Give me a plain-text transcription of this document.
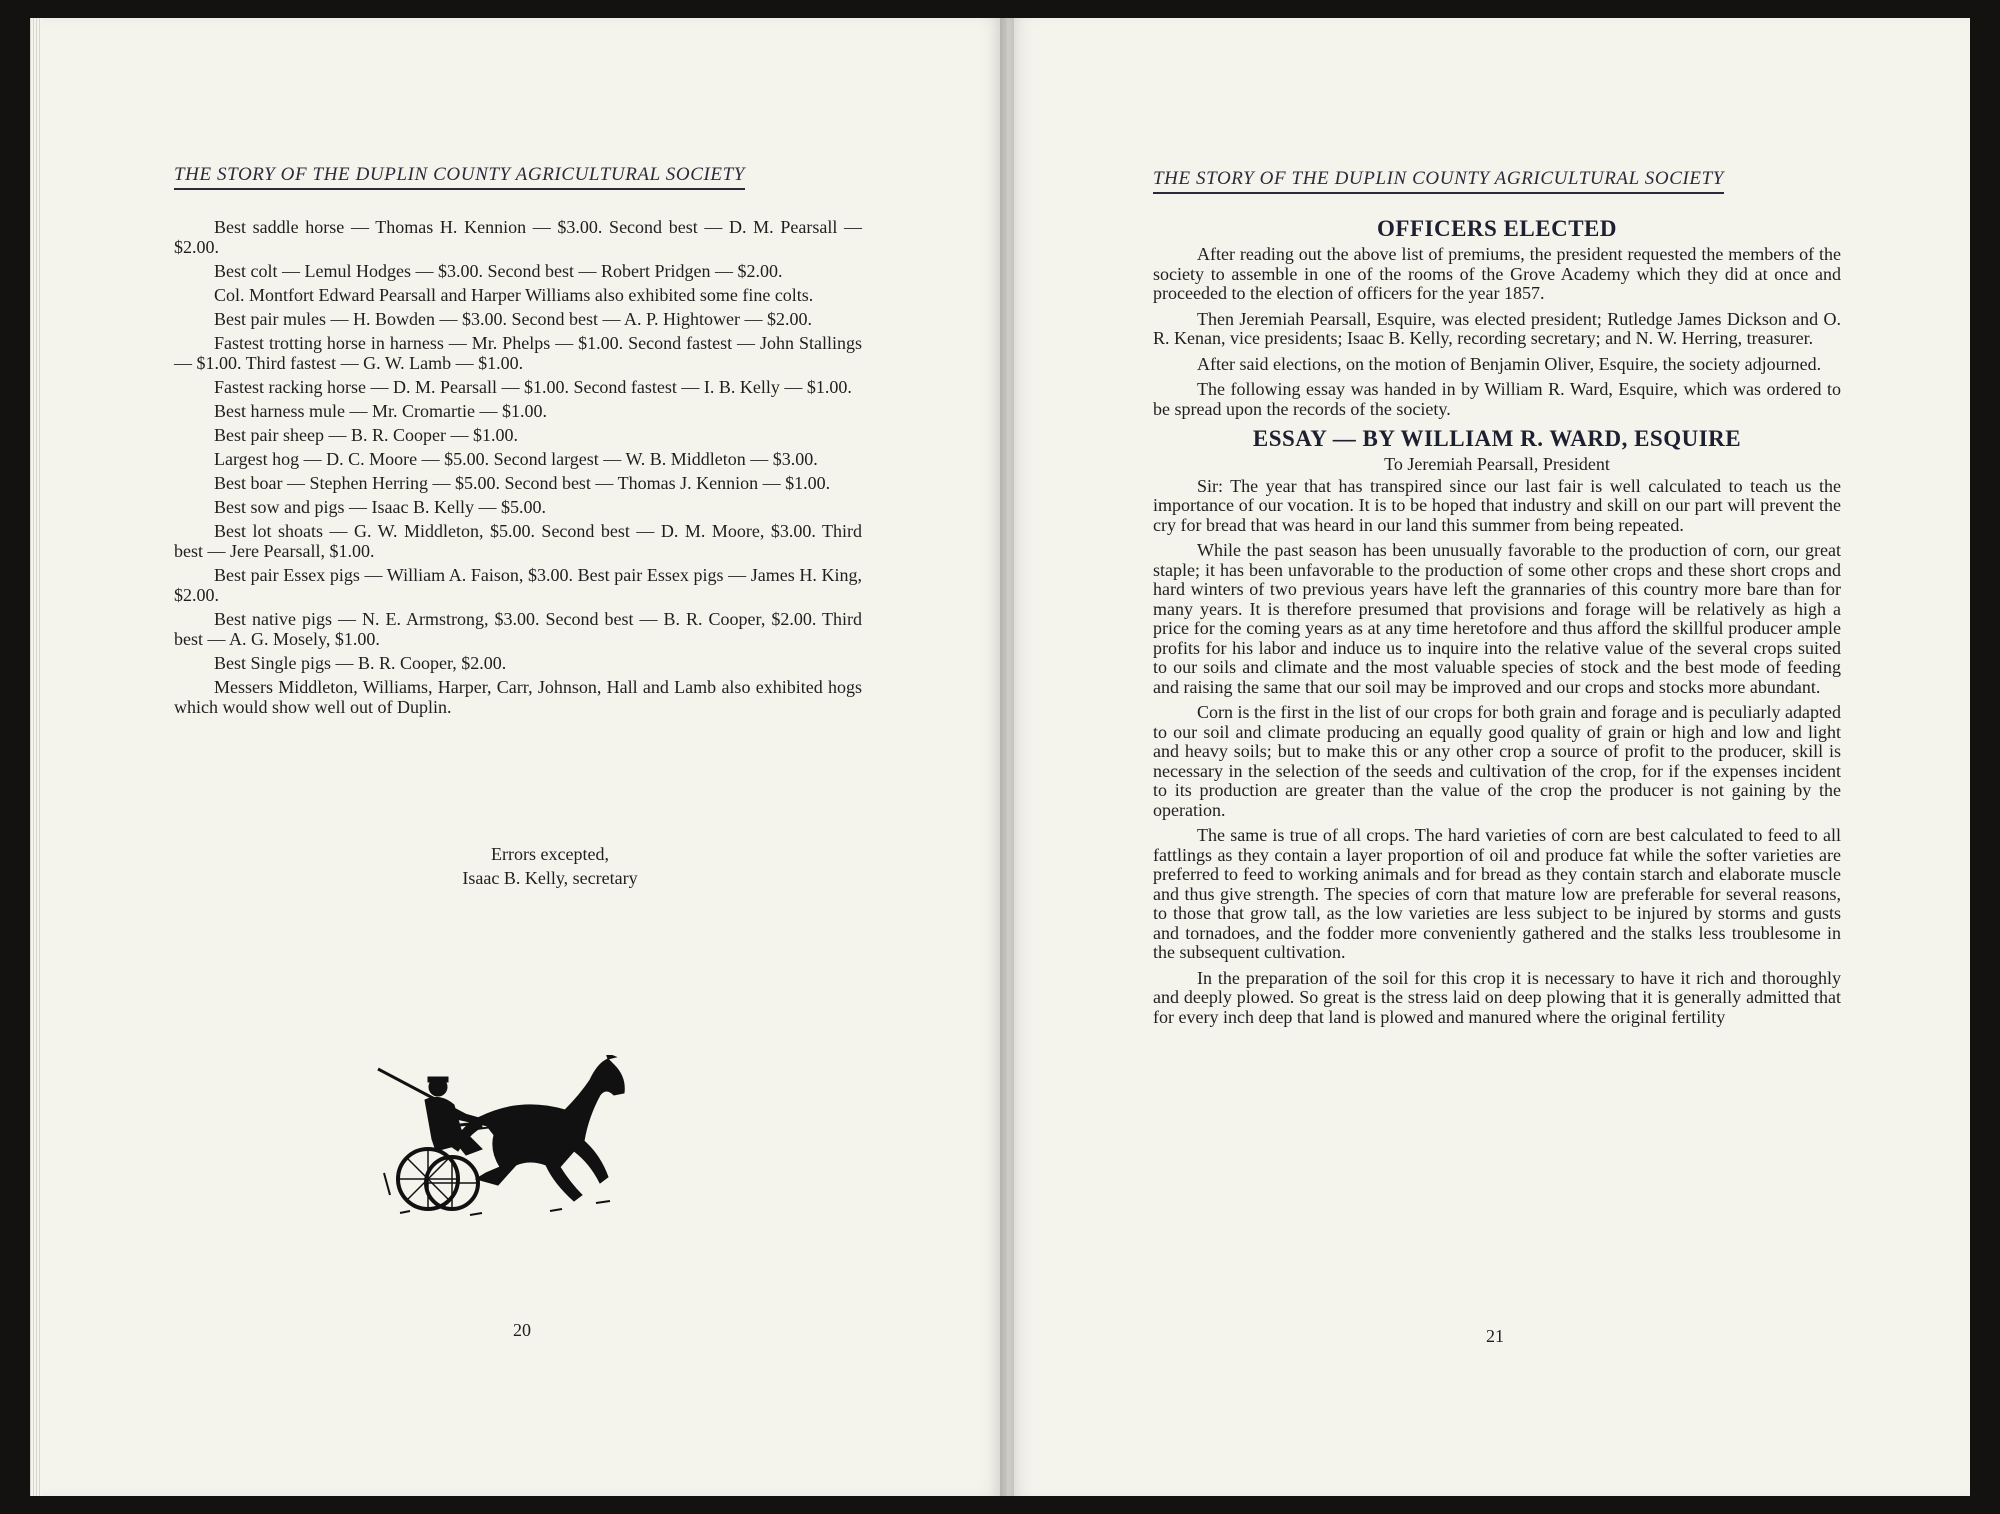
THE STORY OF THE DUPLIN COUNTY AGRICULTURAL SOCIETY

Best saddle horse — Thomas H. Kennion — $3.00. Second best — D. M. Pearsall — $2.00.

Best colt — Lemul Hodges — $3.00. Second best — Robert Pridgen — $2.00.

Col. Montfort Edward Pearsall and Harper Williams also exhibited some fine colts.

Best pair mules — H. Bowden — $3.00. Second best — A. P. Hightower — $2.00.

Fastest trotting horse in harness — Mr. Phelps — $1.00. Second fastest — John Stallings — $1.00. Third fastest — G. W. Lamb — $1.00.

Fastest racking horse — D. M. Pearsall — $1.00. Second fastest — I. B. Kelly — $1.00.

Best harness mule — Mr. Cromartie — $1.00.

Best pair sheep — B. R. Cooper — $1.00.

Largest hog — D. C. Moore — $5.00. Second largest — W. B. Middleton — $3.00.

Best boar — Stephen Herring — $5.00. Second best — Thomas J. Kennion — $1.00.

Best sow and pigs — Isaac B. Kelly — $5.00.

Best lot shoats — G. W. Middleton, $5.00. Second best — D. M. Moore, $3.00. Third best — Jere Pearsall, $1.00.

Best pair Essex pigs — William A. Faison, $3.00. Best pair Essex pigs — James H. King, $2.00.

Best native pigs — N. E. Armstrong, $3.00. Second best — B. R. Cooper, $2.00. Third best — A. G. Mosely, $1.00.

Best Single pigs — B. R. Cooper, $2.00.

Messers Middleton, Williams, Harper, Carr, Johnson, Hall and Lamb also exhibited hogs which would show well out of Duplin.

Errors excepted,
Isaac B. Kelly, secretary
20
THE STORY OF THE DUPLIN COUNTY AGRICULTURAL SOCIETY
OFFICERS ELECTED

After reading out the above list of premiums, the president requested the members of the society to assemble in one of the rooms of the Grove Academy which they did at once and proceeded to the election of officers for the year 1857.

Then Jeremiah Pearsall, Esquire, was elected president; Rutledge James Dickson and O. R. Kenan, vice presidents; Isaac B. Kelly, recording secretary; and N. W. Herring, treasurer.

After said elections, on the motion of Benjamin Oliver, Esquire, the society adjourned.

The following essay was handed in by William R. Ward, Esquire, which was ordered to be spread upon the records of the society.

ESSAY — BY WILLIAM R. WARD, ESQUIRE

To Jeremiah Pearsall, President

Sir: The year that has transpired since our last fair is well calculated to teach us the importance of our vocation. It is to be hoped that industry and skill on our part will prevent the cry for bread that was heard in our land this summer from being repeated.

While the past season has been unusually favorable to the production of corn, our great staple; it has been unfavorable to the production of some other crops and these short crops and hard winters of two previous years have left the grannaries of this country more bare than for many years. It is therefore presumed that provisions and forage will be relatively as high a price for the coming years as at any time heretofore and thus afford the skillful producer ample profits for his labor and induce us to inquire into the relative value of the several crops suited to our soils and climate and the most valuable species of stock and the best mode of feeding and raising the same that our soil may be improved and our crops and stocks more abundant.

Corn is the first in the list of our crops for both grain and forage and is peculiarly adapted to our soil and climate producing an equally good quality of grain or high and low and light and heavy soils; but to make this or any other crop a source of profit to the producer, skill is necessary in the selection of the seeds and cultivation of the crop, for if the expenses incident to its production are greater than the value of the crop the producer is not gaining by the operation.

The same is true of all crops. The hard varieties of corn are best calculated to feed to all fattlings as they contain a layer proportion of oil and produce fat while the softer varieties are preferred to feed to working animals and for bread as they contain starch and elaborate muscle and thus give strength. The species of corn that mature low are preferable for several reasons, to those that grow tall, as the low varieties are less subject to be injured by storms and gusts and tornadoes, and the fodder more conveniently gathered and the stalks less troublesome in the subsequent cultivation.

In the preparation of the soil for this crop it is necessary to have it rich and thoroughly and deeply plowed. So great is the stress laid on deep plowing that it is generally admitted that for every inch deep that land is plowed and manured where the original fertility

21
